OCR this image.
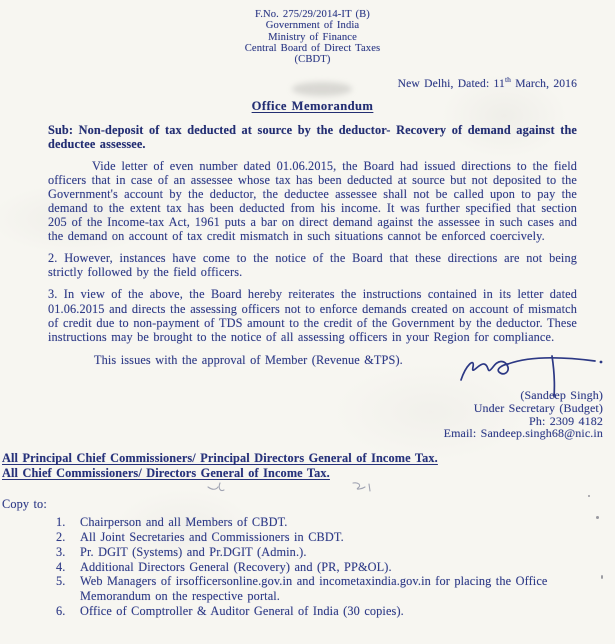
F.No. 275/29/2014-IT (B)
Government of India
Ministry of Finance
Central Board of Direct Taxes
(CBDT)
New Delhi, Dated: 11th March, 2016
Office Memorandum
Sub: Non-deposit of tax deducted at source by the deductor- Recovery of demand against the deductee assessee.
Vide letter of even number dated 01.06.2015, the Board had issued directions to the field officers that in case of an assessee whose tax has been deducted at source but not deposited to the Government's account by the deductor, the deductee assessee shall not be called upon to pay the demand to the extent tax has been deducted from his income. It was further specified that section 205 of the Income-tax Act, 1961 puts a bar on direct demand against the assessee in such cases and the demand on account of tax credit mismatch in such situations cannot be enforced coercively.
2. However, instances have come to the notice of the Board that these directions are not being strictly followed by the field officers.
3. In view of the above, the Board hereby reiterates the instructions contained in its letter dated 01.06.2015 and directs the assessing officers not to enforce demands created on account of mismatch of credit due to non-payment of TDS amount to the credit of the Government by the deductor. These instructions may be brought to the notice of all assessing officers in your Region for compliance.
This issues with the approval of Member (Revenue &TPS).
(Sandeep Singh)
Under Secretary (Budget)
Ph: 2309 4182
Email: Sandeep.singh68@nic.in
All Principal Chief Commissioners/ Principal Directors General of Income Tax.
All Chief Commissioners/ Directors General of Income Tax.
Copy to:
1.	Chairperson and all Members of CBDT.
2.	All Joint Secretaries and Commissioners in CBDT.
3.	Pr. DGIT (Systems) and Pr.DGIT (Admin.).
4.	Additional Directors General (Recovery) and (PR, PP&OL).
5.	Web Managers of irsofficersonline.gov.in and incometaxindia.gov.in for placing the Office Memorandum on the respective portal.
6.	Office of Comptroller & Auditor General of India (30 copies).
